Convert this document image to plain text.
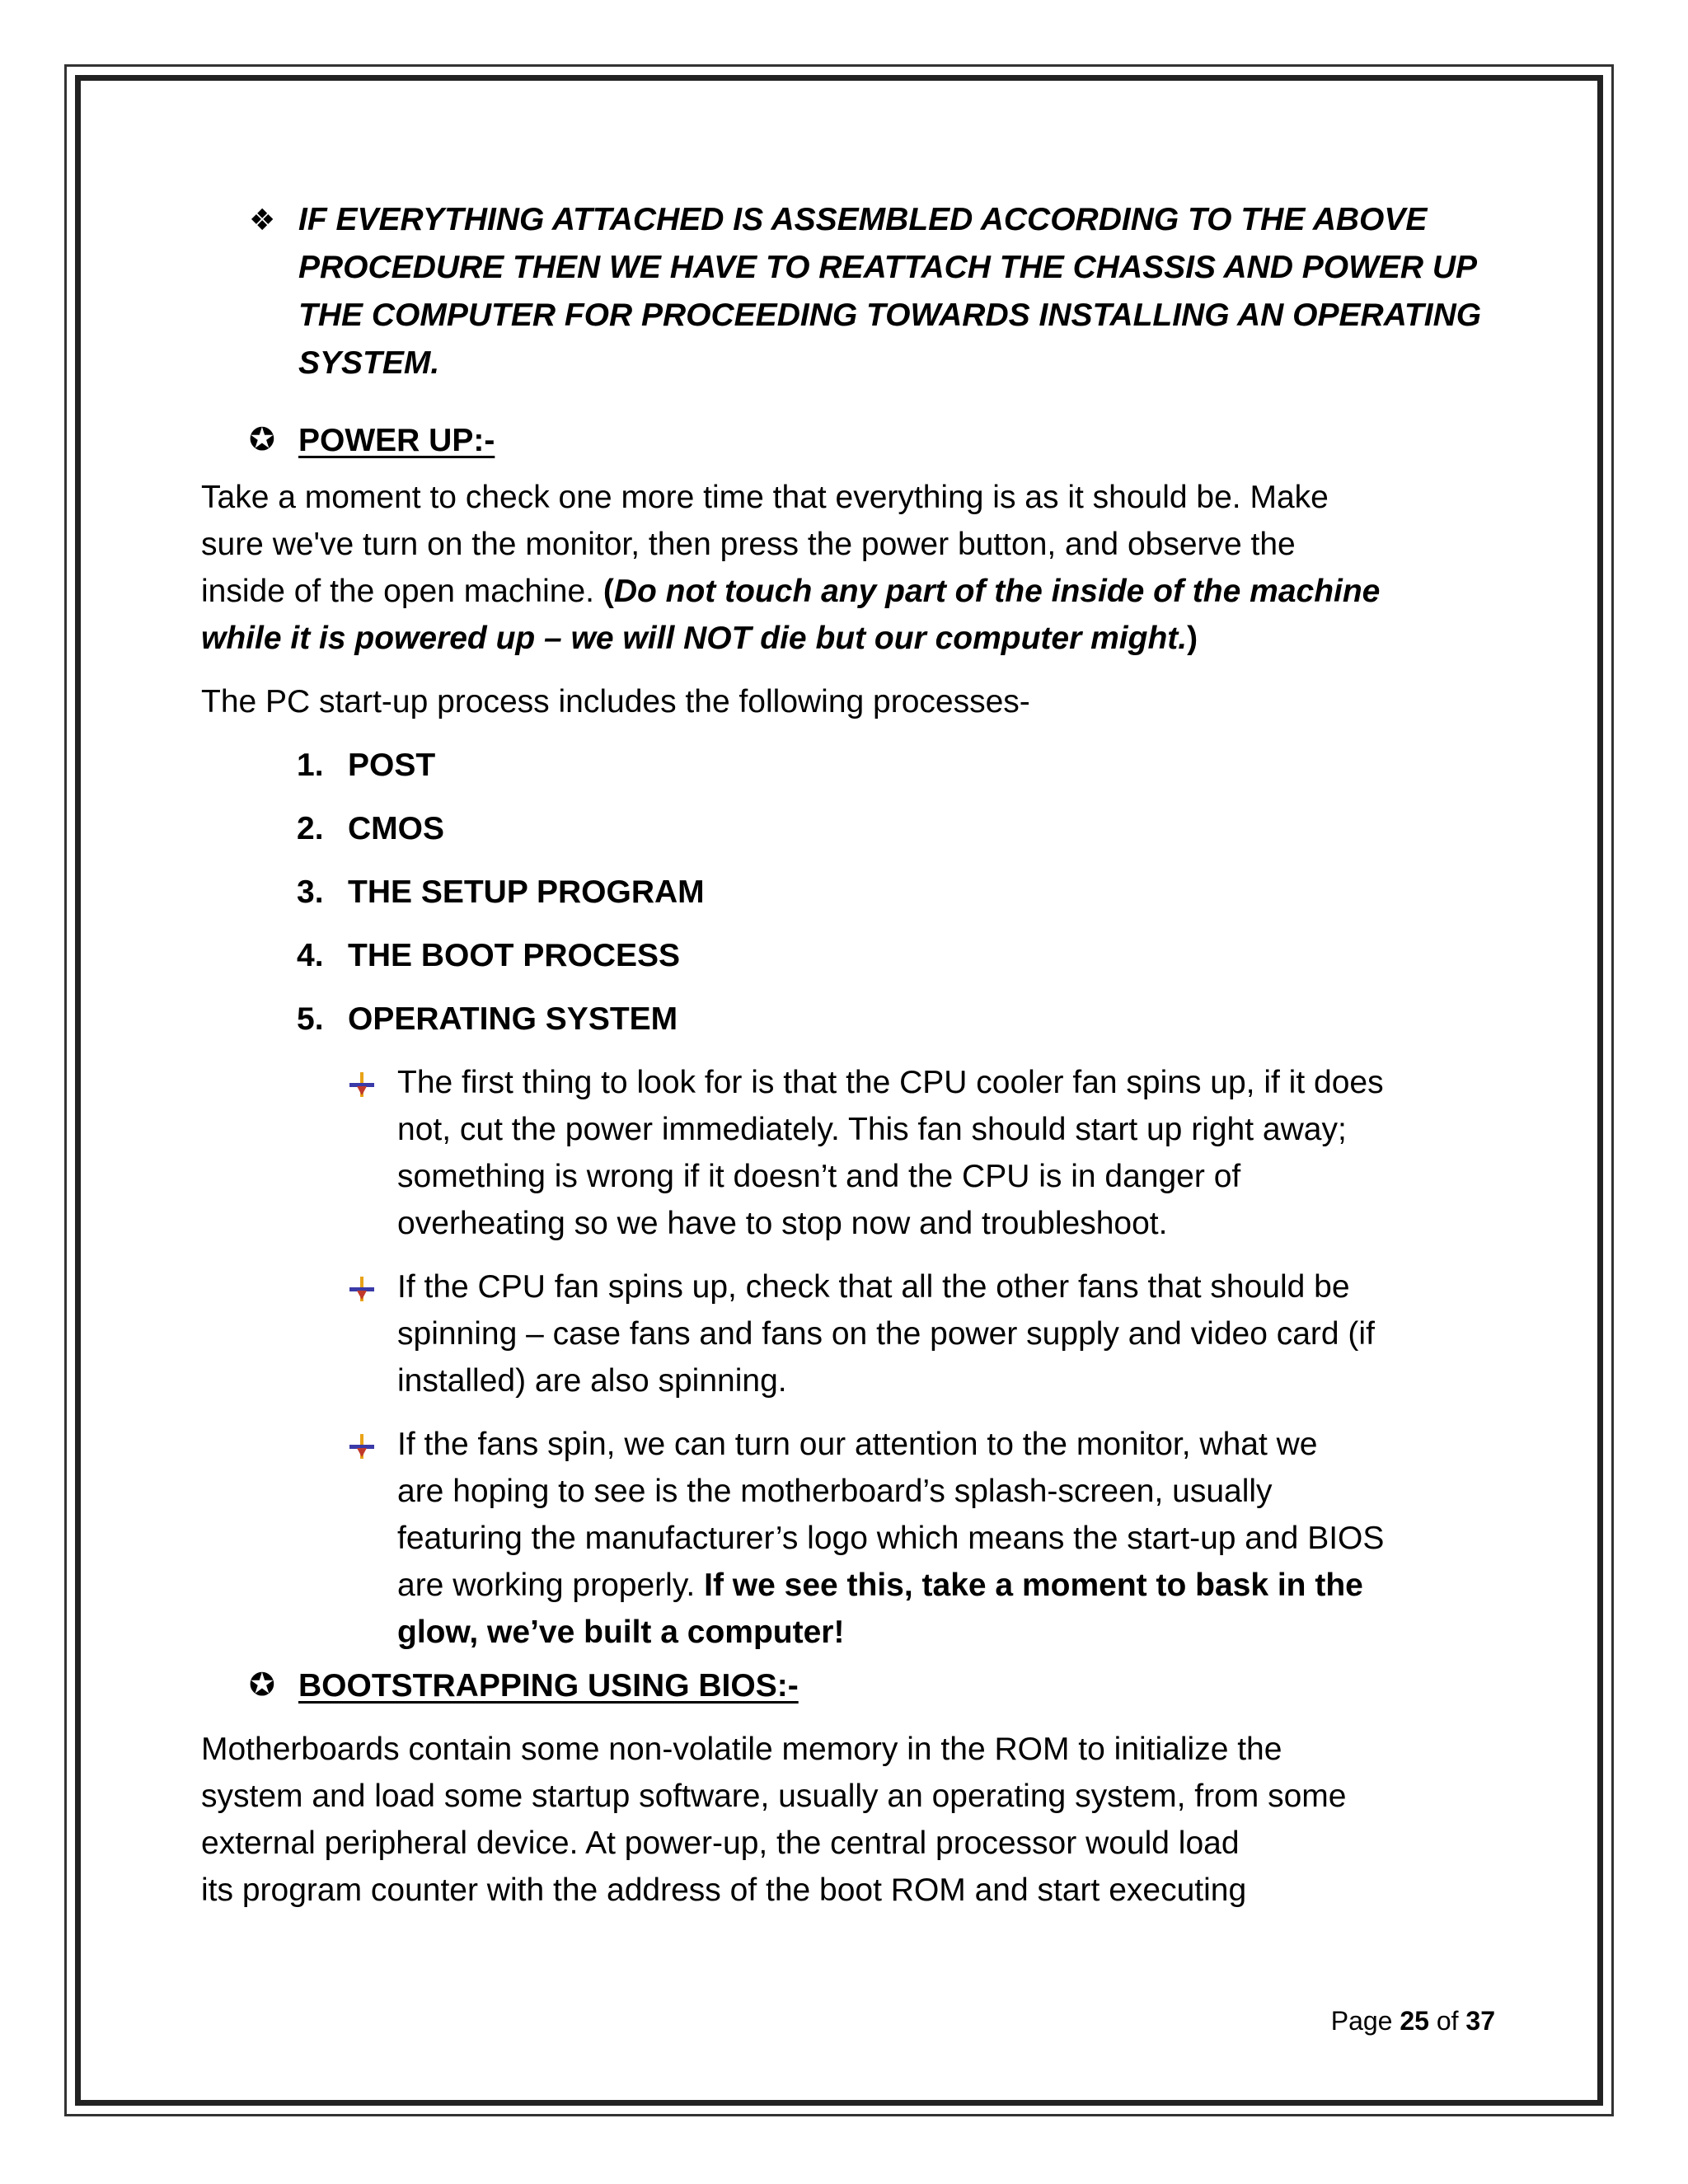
❖ IF EVERYTHING ATTACHED IS ASSEMBLED ACCORDING TO THE ABOVE
PROCEDURE THEN WE HAVE TO REATTACH THE CHASSIS AND POWER UP
THE COMPUTER FOR PROCEEDING TOWARDS INSTALLING AN OPERATING
SYSTEM.
✪ POWER UP:-
Take a moment to check one more time that everything is as it should be. Make
sure we've turn on the monitor, then press the power button, and observe the
inside of the open machine. (Do not touch any part of the inside of the machine
while it is powered up – we will NOT die but our computer might.)
The PC start-up process includes the following processes-
1. POST
2. CMOS
3. THE SETUP PROGRAM
4. THE BOOT PROCESS
5. OPERATING SYSTEM
The first thing to look for is that the CPU cooler fan spins up, if it does
not, cut the power immediately. This fan should start up right away;
something is wrong if it doesn’t and the CPU is in danger of
overheating so we have to stop now and troubleshoot.
If the CPU fan spins up, check that all the other fans that should be
spinning – case fans and fans on the power supply and video card (if
installed) are also spinning.
If the fans spin, we can turn our attention to the monitor, what we
are hoping to see is the motherboard’s splash-screen, usually
featuring the manufacturer’s logo which means the start-up and BIOS
are working properly. If we see this, take a moment to bask in the
glow, we’ve built a computer!
✪ BOOTSTRAPPING USING BIOS:-
Motherboards contain some non-volatile memory in the ROM to initialize the
system and load some startup software, usually an operating system, from some
external peripheral device. At power-up, the central processor would load
its program counter with the address of the boot ROM and start executing
Page 25 of 37
